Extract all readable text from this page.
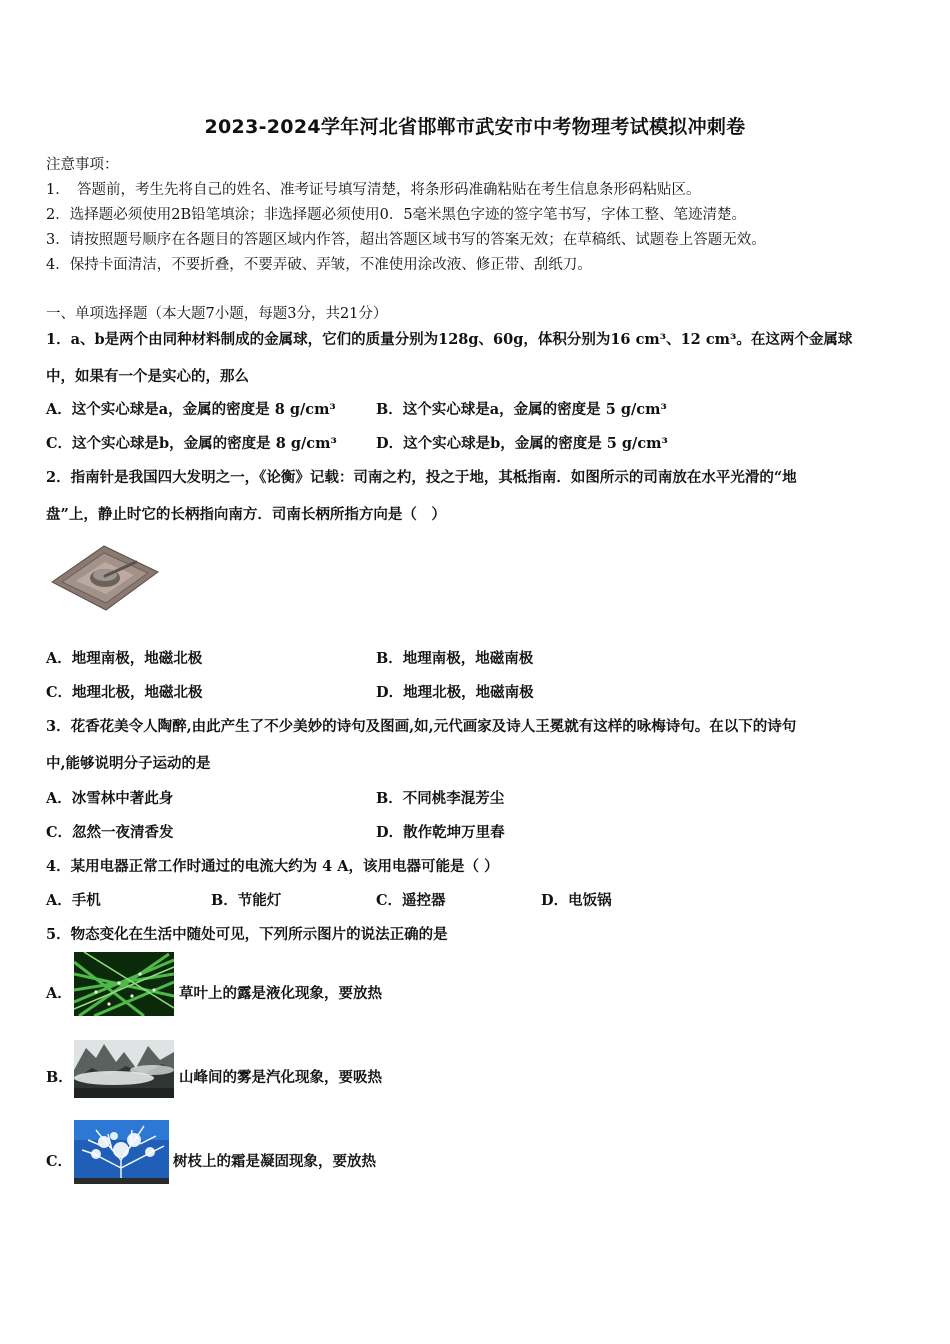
2023-2024学年河北省邯郸市武安市中考物理考试模拟冲刺卷
注意事项：
1．　答题前，考生先将自己的姓名、准考证号填写清楚，将条形码准确粘贴在考生信息条形码粘贴区。
2．选择题必须使用2B铅笔填涂；非选择题必须使用0．5毫米黑色字迹的签字笔书写，字体工整、笔迹清楚。
3．请按照题号顺序在各题目的答题区域内作答，超出答题区域书写的答案无效；在草稿纸、试题卷上答题无效。
4．保持卡面清洁，不要折叠，不要弄破、弄皱，不准使用涂改液、修正带、刮纸刀。
一、单项选择题（本大题7小题，每题3分，共21分）
1．a、b是两个由同种材料制成的金属球，它们的质量分别为128g、60g，体积分别为16 cm³、12 cm³。在这两个金属球
中，如果有一个是实心的，那么
A．这个实心球是a，金属的密度是 8 g/cm³	B．这个实心球是a，金属的密度是 5 g/cm³
C．这个实心球是b，金属的密度是 8 g/cm³	D．这个实心球是b，金属的密度是 5 g/cm³
2．指南针是我国四大发明之一，《论衡》记载：司南之杓，投之于地，其柢指南．如图所示的司南放在水平光滑的“地
盘”上，静止时它的长柄指向南方．司南长柄所指方向是（　）
A．地理南极，地磁北极	B．地理南极，地磁南极
C．地理北极，地磁北极	D．地理北极，地磁南极
3．花香花美令人陶醉,由此产生了不少美妙的诗句及图画,如,元代画家及诗人王冕就有这样的咏梅诗句。在以下的诗句
中,能够说明分子运动的是
A．冰雪林中著此身	B．不同桃李混芳尘
C．忽然一夜清香发	D．散作乾坤万里春
4．某用电器正常工作时通过的电流大约为 4 A，该用电器可能是（ ）
A．手机	B．节能灯	C．遥控器	D．电饭锅
5．物态变化在生活中随处可见，下列所示图片的说法正确的是
A．	草叶上的露是液化现象，要放热
B．	山峰间的雾是汽化现象，要吸热
C．	树枝上的霜是凝固现象，要放热
